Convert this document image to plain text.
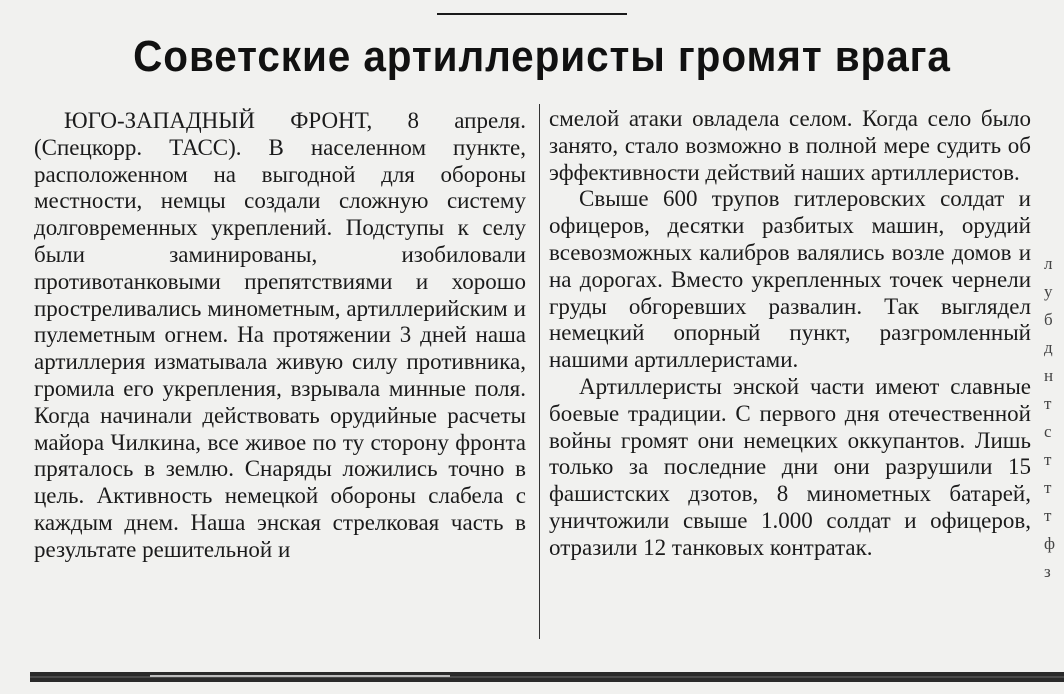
Советские артиллеристы громят врага

ЮГО-ЗАПАДНЫЙ ФРОНТ, 8 апреля. (Спецкорр. ТАСС). В населенном пункте, расположенном на выгодной для обороны местности, немцы создали сложную систему долговременных укреплений. Подступы к селу были заминированы, изобиловали противотанковыми препятствиями и хорошо простреливались минометным, артиллерийским и пулеметным огнем. На протяжении 3 дней наша артиллерия изматывала живую силу противника, громила его укрепления, взрывала минные поля. Когда начинали действовать орудийные расчеты майора Чилкина, все живое по ту сторону фронта пряталось в землю. Снаряды ложились точно в цель. Активность немецкой обороны слабела с каждым днем. Наша энская стрелковая часть в результате решительной и

смелой атаки овладела селом. Когда село было занято, стало возможно в полной мере судить об эффективности действий наших артиллеристов.

Свыше 600 трупов гитлеровских солдат и офицеров, десятки разбитых машин, орудий всевозможных калибров валялись возле домов и на дорогах. Вместо укрепленных точек чернели груды обгоревших развалин. Так выглядел немецкий опорный пункт, разгромленный нашими артиллеристами.

Артиллеристы энской части имеют славные боевые традиции. С первого дня отечественной войны громят они немецких оккупантов. Лишь только за последние дни они разрушили 15 фашистских дзотов, 8 минометных батарей, уничтожили свыше 1.000 солдат и офицеров, отразили 12 танковых контратак.

л
у
б
д
н
т
с
т
т
т
ф
з
